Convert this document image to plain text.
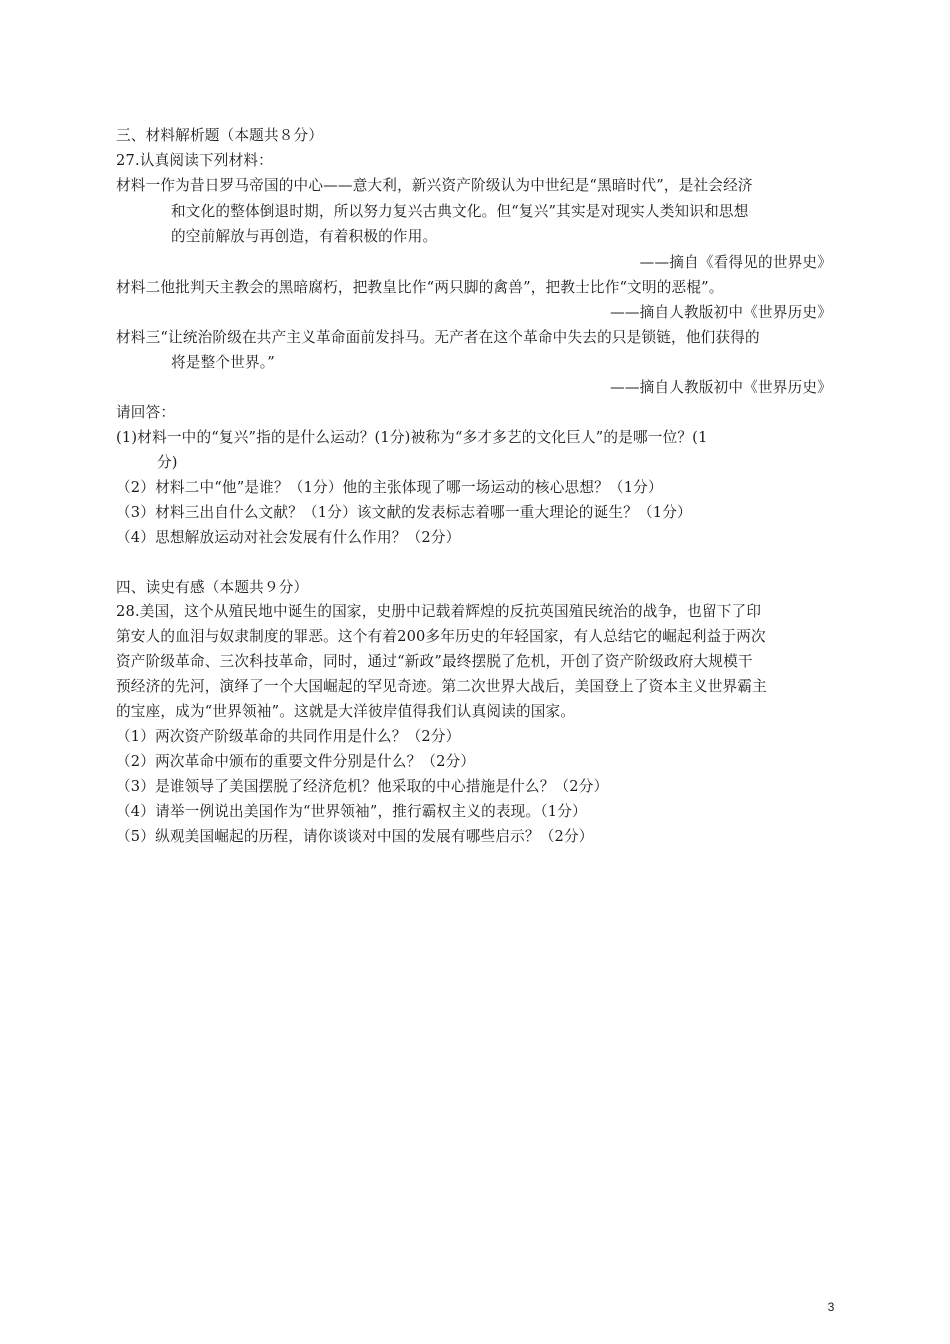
三、材料解析题（本题共８分）
27.认真阅读下列材料：
材料一作为昔日罗马帝国的中心——意大利，新兴资产阶级认为中世纪是“黑暗时代”，是社会经济
和文化的整体倒退时期，所以努力复兴古典文化。但“复兴”其实是对现实人类知识和思想
的空前解放与再创造，有着积极的作用。
——摘自《看得见的世界史》
材料二他批判天主教会的黑暗腐朽，把教皇比作“两只脚的禽兽”，把教士比作“文明的恶棍”。
——摘自人教版初中《世界历史》
材料三“让统治阶级在共产主义革命面前发抖马。无产者在这个革命中失去的只是锁链，他们获得的
将是整个世界。”
——摘自人教版初中《世界历史》
请回答：
(1)材料一中的“复兴”指的是什么运动？(1分)被称为“多才多艺的文化巨人”的是哪一位？(1
分)
（2）材料二中“他”是谁？（1分）他的主张体现了哪一场运动的核心思想？（1分）
（3）材料三出自什么文献？（1分）该文献的发表标志着哪一重大理论的诞生？（1分）
（4）思想解放运动对社会发展有什么作用？（2分）
四、读史有感（本题共９分）
28.美国，这个从殖民地中诞生的国家，史册中记载着辉煌的反抗英国殖民统治的战争，也留下了印
第安人的血泪与奴隶制度的罪恶。这个有着200多年历史的年轻国家，有人总结它的崛起利益于两次
资产阶级革命、三次科技革命，同时，通过“新政”最终摆脱了危机，开创了资产阶级政府大规模干
预经济的先河，演绎了一个大国崛起的罕见奇迹。第二次世界大战后，美国登上了资本主义世界霸主
的宝座，成为“世界领袖”。这就是大洋彼岸值得我们认真阅读的国家。
（1）两次资产阶级革命的共同作用是什么？（2分）
（2）两次革命中颁布的重要文件分别是什么？（2分）
（3）是谁领导了美国摆脱了经济危机？他采取的中心措施是什么？（2分）
（4）请举一例说出美国作为“世界领袖”，推行霸权主义的表现。（1分）
（5）纵观美国崛起的历程，请你谈谈对中国的发展有哪些启示？（2分）
3
